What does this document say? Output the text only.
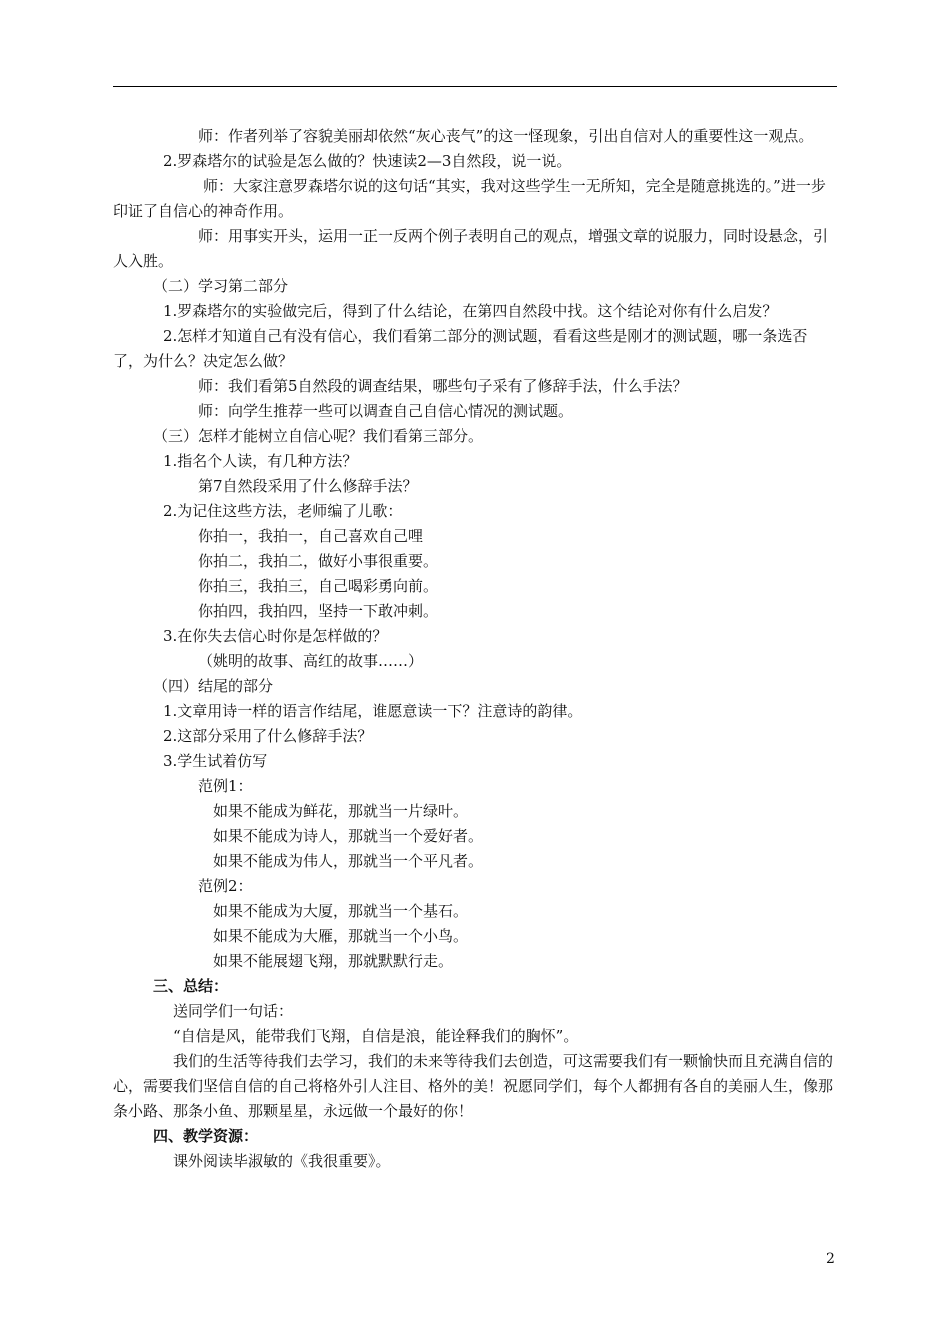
师：作者列举了容貌美丽却依然“灰心丧气”的这一怪现象，引出自信对人的重要性这一观点。
2.罗森塔尔的试验是怎么做的？快速读2—3自然段，说一说。
师：大家注意罗森塔尔说的这句话“其实，我对这些学生一无所知，完全是随意挑选的。”进一步印证了自信心的神奇作用。
师：用事实开头，运用一正一反两个例子表明自己的观点，增强文章的说服力，同时设悬念，引人入胜。
（二）学习第二部分
1.罗森塔尔的实验做完后，得到了什么结论，在第四自然段中找。这个结论对你有什么启发？
2.怎样才知道自己有没有信心，我们看第二部分的测试题，看看这些是刚才的测试题，哪一条选否了，为什么？决定怎么做？
师：我们看第5自然段的调查结果，哪些句子采有了修辞手法，什么手法？
师：向学生推荐一些可以调查自己自信心情况的测试题。
（三）怎样才能树立自信心呢？我们看第三部分。
1.指名个人读，有几种方法？
第7自然段采用了什么修辞手法？
2.为记住这些方法，老师编了儿歌：
你拍一，我拍一，自己喜欢自己哩
你拍二，我拍二，做好小事很重要。
你拍三，我拍三，自己喝彩勇向前。
你拍四，我拍四，坚持一下敢冲刺。
3.在你失去信心时你是怎样做的？
（姚明的故事、高红的故事……）
（四）结尾的部分
1.文章用诗一样的语言作结尾，谁愿意读一下？注意诗的韵律。
2.这部分采用了什么修辞手法？
3.学生试着仿写
范例1：
如果不能成为鲜花，那就当一片绿叶。
如果不能成为诗人，那就当一个爱好者。
如果不能成为伟人，那就当一个平凡者。
范例2：
如果不能成为大厦，那就当一个基石。
如果不能成为大雁，那就当一个小鸟。
如果不能展翅飞翔，那就默默行走。
三、总结：
送同学们一句话：
“自信是风，能带我们飞翔，自信是浪，能诠释我们的胸怀”。
我们的生活等待我们去学习，我们的未来等待我们去创造，可这需要我们有一颗愉快而且充满自信的心，需要我们坚信自信的自己将格外引人注目、格外的美！祝愿同学们，每个人都拥有各自的美丽人生，像那条小路、那条小鱼、那颗星星，永远做一个最好的你！
四、教学资源：
课外阅读毕淑敏的《我很重要》。
2
